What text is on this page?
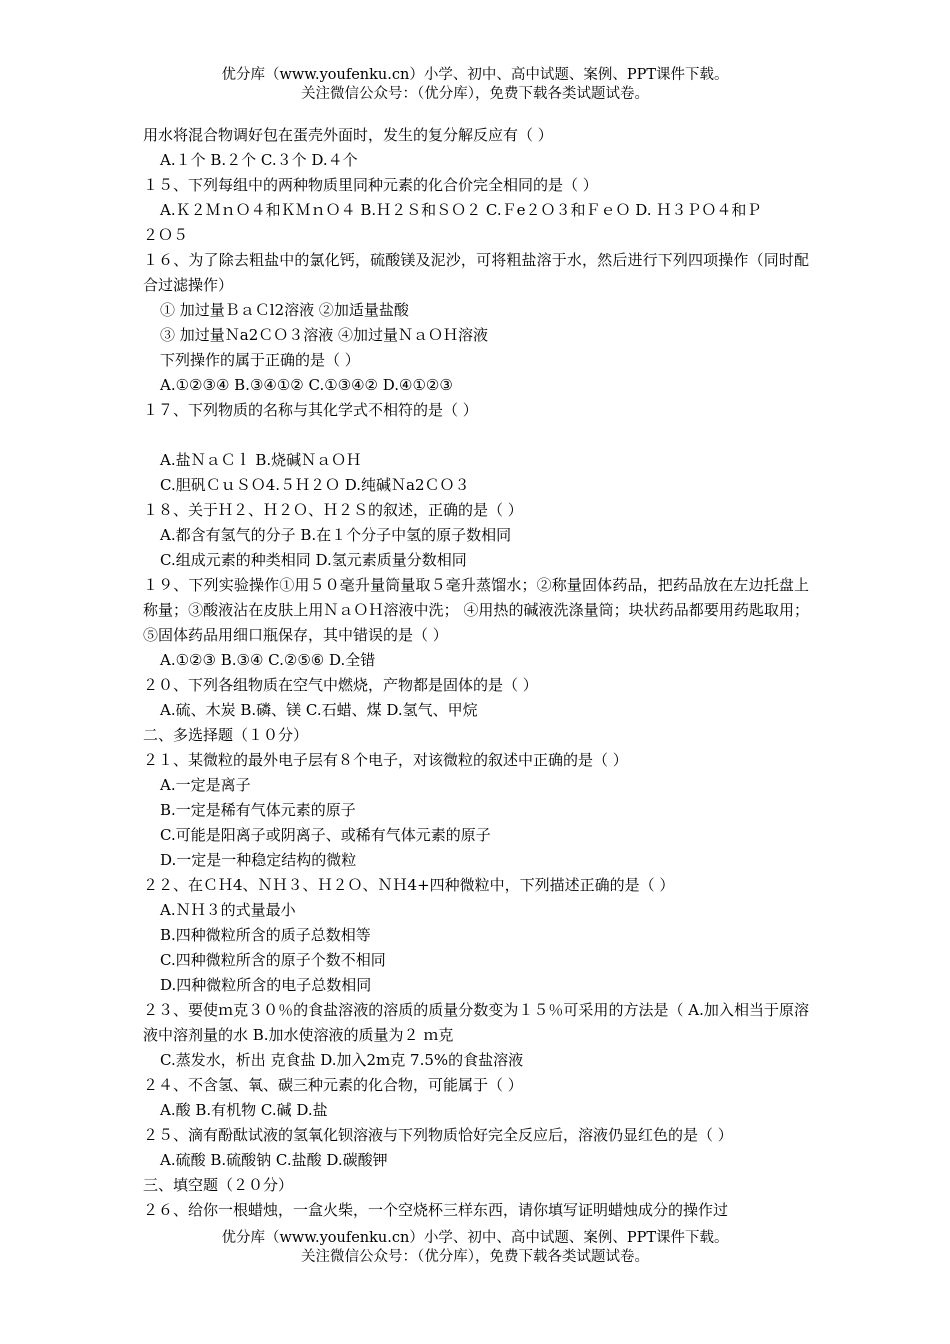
优分库（www.youfenku.cn）小学、初中、高中试题、案例、PPT课件下载。
关注微信公众号：（优分库），免费下载各类试题试卷。
用水将混合物调好包在蛋壳外面时，发生的复分解反应有（ ）
A.１个 B.２个 C.３个 D.４个
１５、下列每组中的两种物质里同种元素的化合价完全相同的是（ ）
A.Ｋ２ＭｎＯ４和ＫＭｎＯ４ B.Ｈ２Ｓ和ＳＯ２ C.Ｆe２Ｏ３和ＦｅＯ D. Ｈ３ＰＯ４和Ｐ
２Ｏ５
１６、为了除去粗盐中的氯化钙，硫酸镁及泥沙，可将粗盐溶于水，然后进行下列四项操作（同时配合过滤操作）
① 加过量ＢａＣl2溶液 ②加适量盐酸
③ 加过量Ｎa2ＣＯ３溶液 ④加过量ＮａＯＨ溶液
下列操作的属于正确的是（ ）
A.①②③④ B.③④①② C.①③④② D.④①②③
１７、下列物质的名称与其化学式不相符的是（ ）
A.盐ＮａＣｌ B.烧碱ＮａＯＨ
C.胆矾ＣｕＳＯ4.５Ｈ２Ｏ D.纯碱Ｎa2ＣＯ３
１８、关于Ｈ２、Ｈ２Ｏ、Ｈ２Ｓ的叙述，正确的是（ ）
A.都含有氢气的分子 B.在１个分子中氢的原子数相同
C.组成元素的种类相同 D.氢元素质量分数相同
１９、下列实验操作①用５０毫升量筒量取５毫升蒸馏水；②称量固体药品，把药品放在左边托盘上称量；③酸液沾在皮肤上用ＮａＯＨ溶液中洗； ④用热的碱液洗涤量筒；块状药品都要用药匙取用；⑤固体药品用细口瓶保存，其中错误的是（ ）
A.①②③ B.③④ C.②⑤⑥ D.全错
２０、下列各组物质在空气中燃烧，产物都是固体的是（ ）
A.硫、木炭 B.磷、镁 C.石蜡、煤 D.氢气、甲烷
二、多选择题（１０分）
２１、某微粒的最外电子层有８个电子，对该微粒的叙述中正确的是（ ）
A.一定是离子
B.一定是稀有气体元素的原子
C.可能是阳离子或阴离子、或稀有气体元素的原子
D.一定是一种稳定结构的微粒
２２、在ＣＨ4、ＮＨ３、Ｈ２Ｏ、ＮＨ4+四种微粒中，下列描述正确的是（ ）
A.ＮＨ３的式量最小
B.四种微粒所含的质子总数相等
C.四种微粒所含的原子个数不相同
D.四种微粒所含的电子总数相同
２３、要使ｍ克３０％的食盐溶液的溶质的质量分数变为１５％可采用的方法是（ A.加入相当于原溶液中溶剂量的水 B.加水使溶液的质量为２ ｍ克
C.蒸发水，析出 克食盐 D.加入2m克 7.5%的食盐溶液
２４、不含氢、氧、碳三种元素的化合物，可能属于（ ）
A.酸 B.有机物 C.碱 D.盐
２５、滴有酚酞试液的氢氧化钡溶液与下列物质恰好完全反应后，溶液仍显红色的是（ ）
A.硫酸 B.硫酸钠 C.盐酸 D.碳酸钾
三、填空题（２０分）
２６、给你一根蜡烛，一盒火柴，一个空烧杯三样东西，请你填写证明蜡烛成分的操作过
优分库（www.youfenku.cn）小学、初中、高中试题、案例、PPT课件下载。
关注微信公众号：（优分库），免费下载各类试题试卷。
